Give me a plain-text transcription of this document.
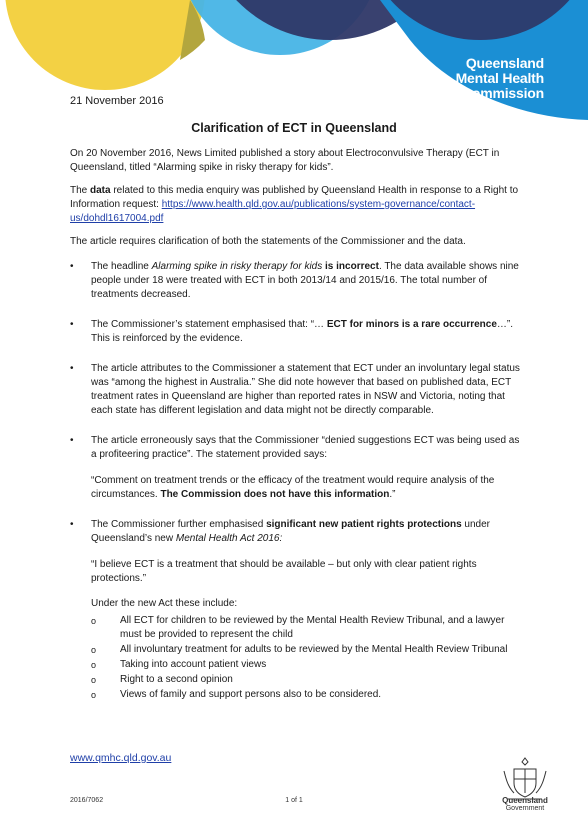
Queensland
Mental Health
Commission
21 November 2016
Clarification of ECT in Queensland

On 20 November 2016, News Limited published a story about Electroconvulsive Therapy (ECT in Queensland, titled “Alarming spike in risky therapy for kids”.

The data related to this media enquiry was published by Queensland Health in response to a Right to Information request: https://www.health.qld.gov.au/publications/system-governance/contact-us/dohdl1617004.pdf

The article requires clarification of both the statements of the Commissioner and the data.

• The headline Alarming spike in risky therapy for kids is incorrect. The data available shows nine people under 18 were treated with ECT in both 2013/14 and 2015/16. The total number of treatments decreased.
• The Commissioner’s statement emphasised that: “… ECT for minors is a rare occurrence…”. This is reinforced by the evidence.
• The article attributes to the Commissioner a statement that ECT under an involuntary legal status was “among the highest in Australia.” She did note however that based on published data, ECT treatment rates in Queensland are higher than reported rates in NSW and Victoria, noting that each state has different legislation and data might not be directly comparable.

• The article erroneously says that the Commissioner “denied suggestions ECT was being used as a profiteering practice”. The statement provided says:

“Comment on treatment trends or the efficacy of the treatment would require analysis of the circumstances. The Commission does not have this information.”

• The Commissioner further emphasised significant new patient rights protections under Queensland’s new Mental Health Act 2016:

“I believe ECT is a treatment that should be available – but only with clear patient rights protections.”

Under the new Act these include:

o All ECT for children to be reviewed by the Mental Health Review Tribunal, and a lawyer must be provided to represent the child
o All involuntary treatment for adults to be reviewed by the Mental Health Review Tribunal
o Taking into account patient views
o Right to a second opinion
o Views of family and support persons also to be considered.
www.qmhc.qld.gov.au
2016/7062	1 of 1	Queensland
Government
